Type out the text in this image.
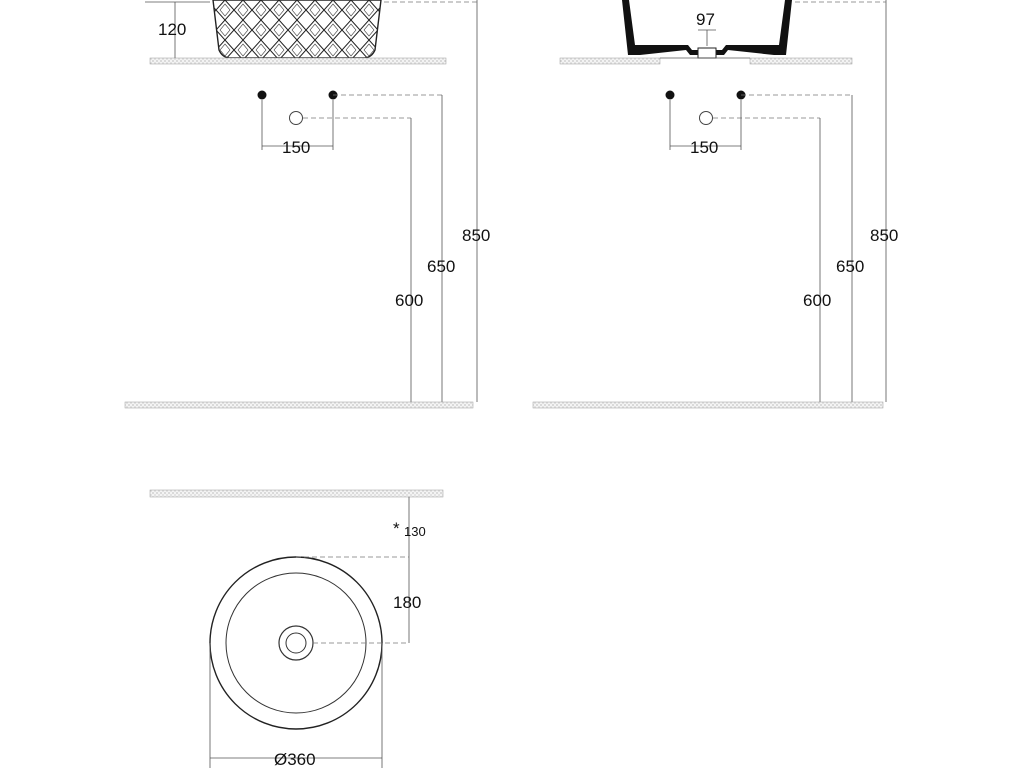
120
150
600
650
850
97
150
600
650
850
* 130
180
Ø360
